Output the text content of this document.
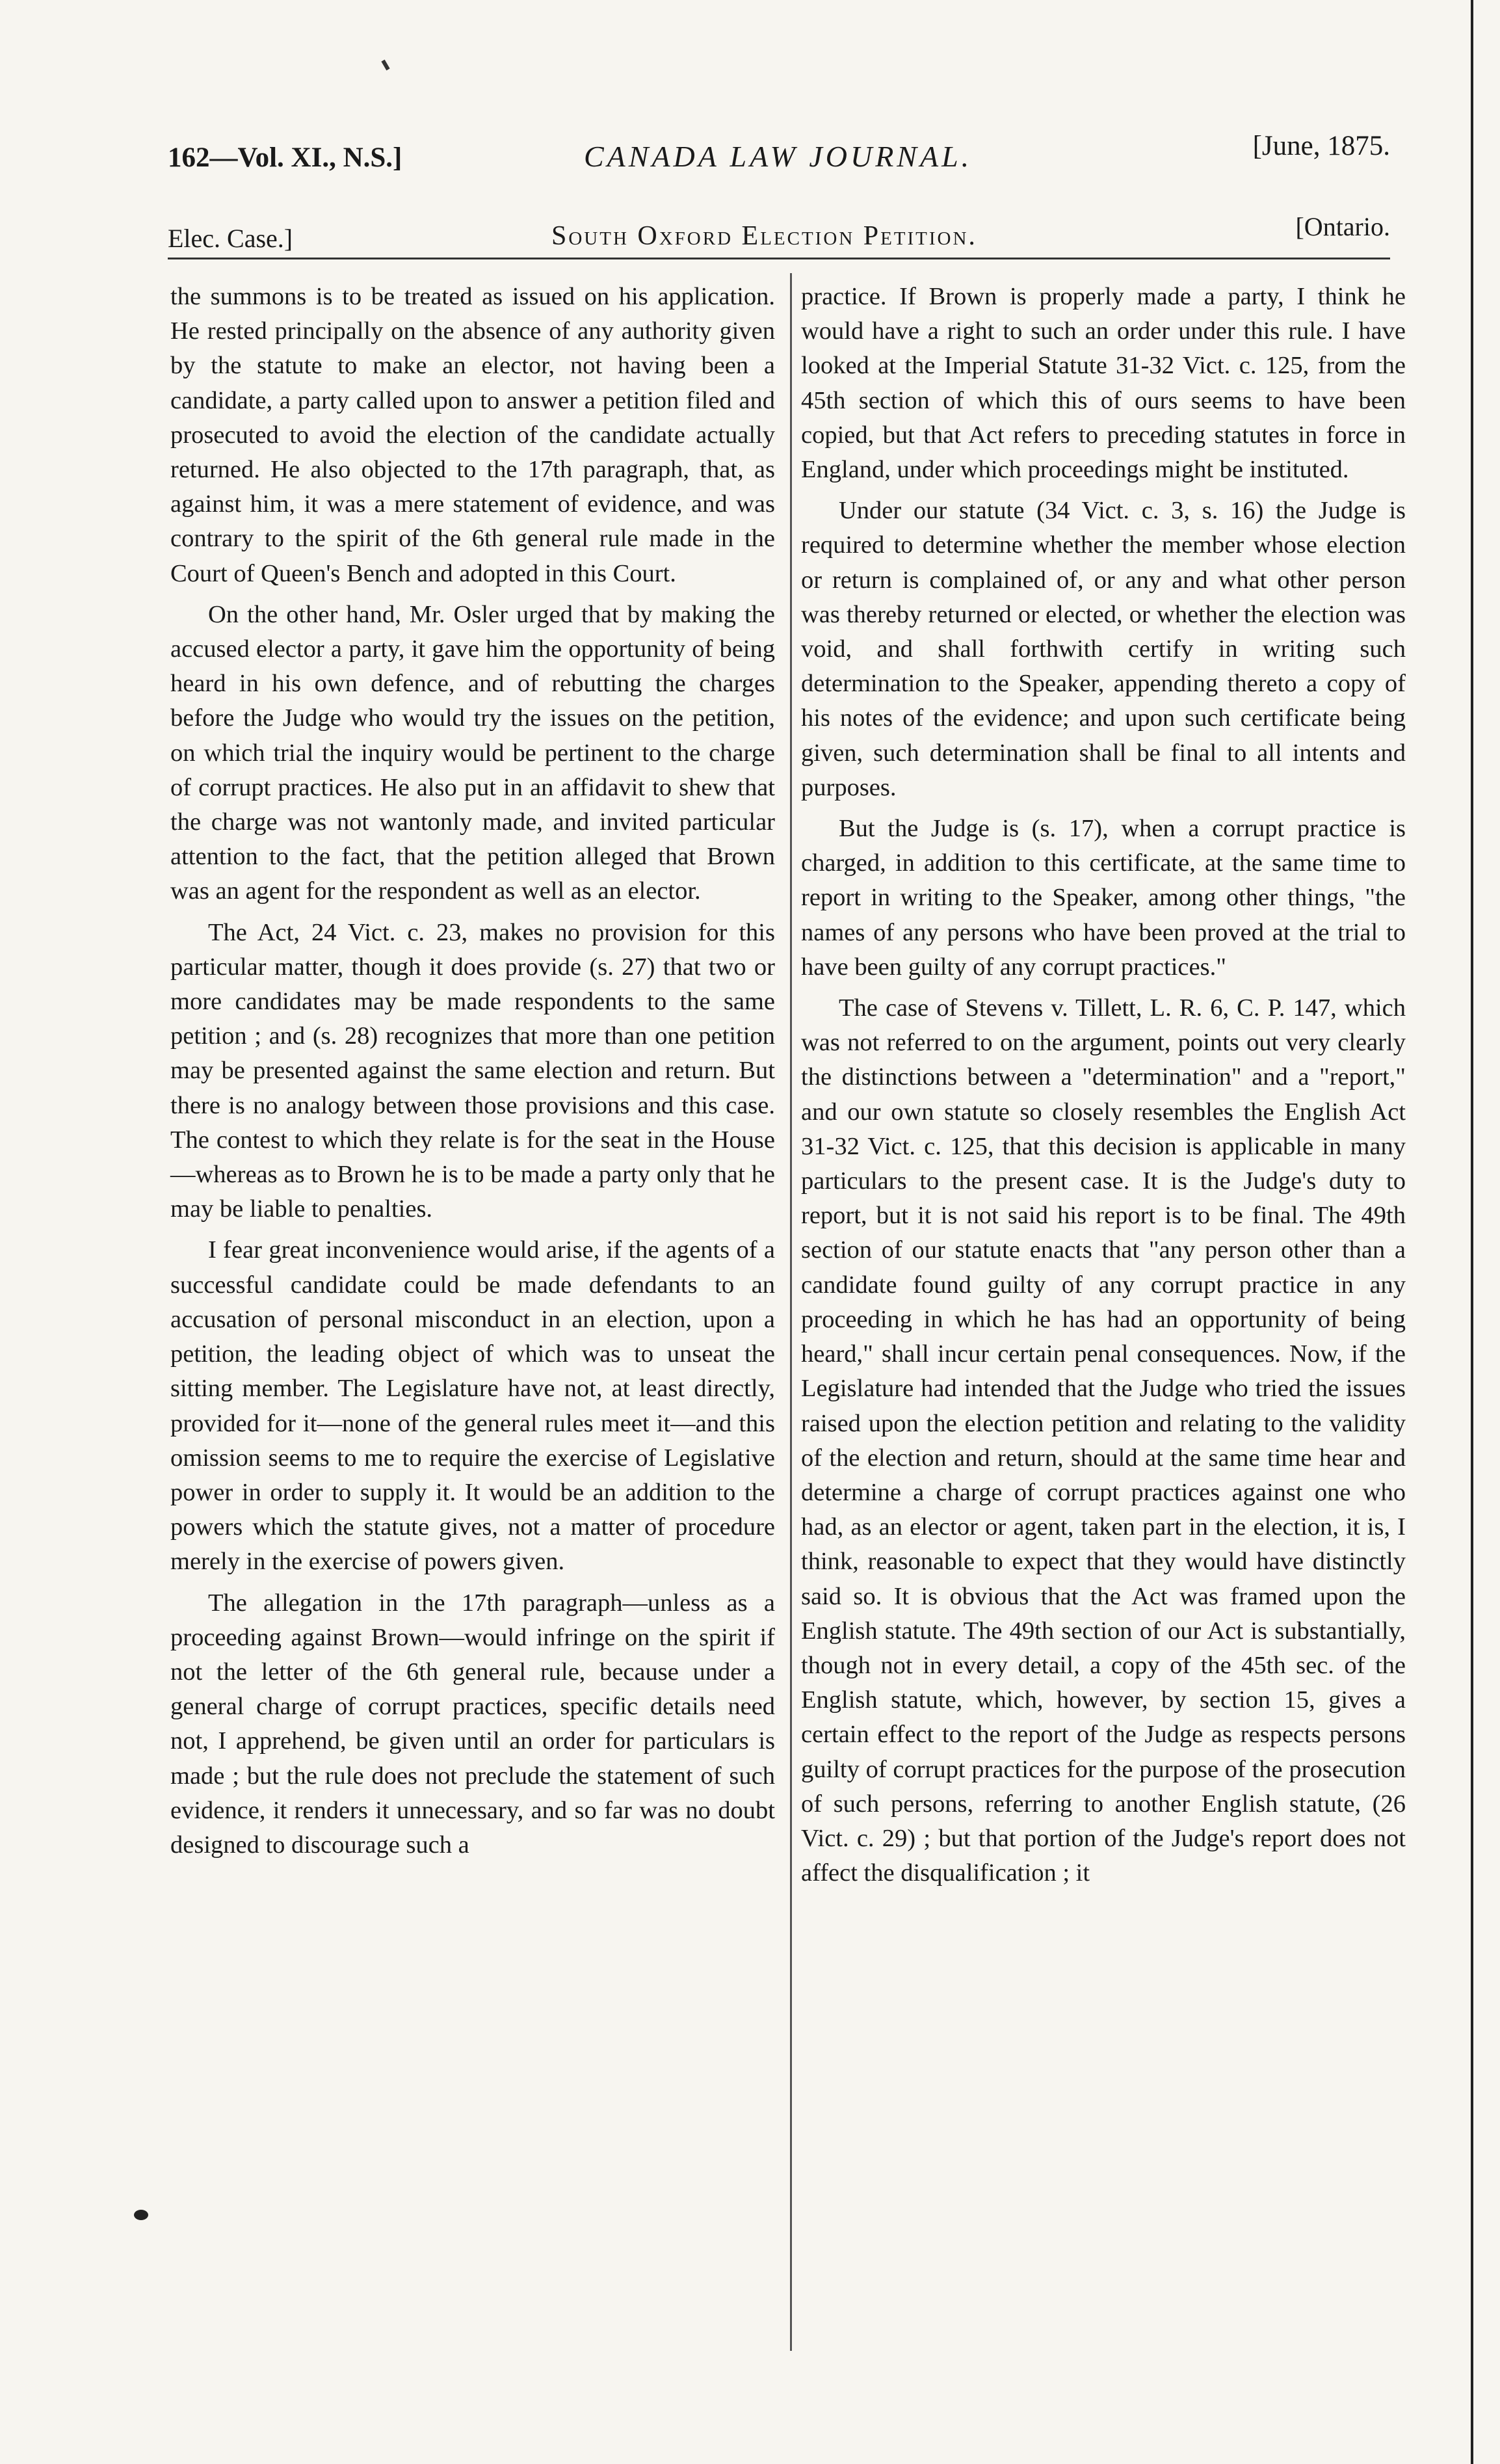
162—Vol. XI., N.S.]	CANADA LAW JOURNAL.	[June, 1875.
Elec. Case.]	South Oxford Election Petition.	[Ontario.

the summons is to be treated as issued on his application. He rested principally on the absence of any authority given by the statute to make an elector, not having been a candidate, a party called upon to answer a petition filed and prosecuted to avoid the election of the candidate actually returned. He also objected to the 17th paragraph, that, as against him, it was a mere statement of evidence, and was contrary to the spirit of the 6th general rule made in the Court of Queen's Bench and adopted in this Court.

On the other hand, Mr. Osler urged that by making the accused elector a party, it gave him the opportunity of being heard in his own defence, and of rebutting the charges before the Judge who would try the issues on the petition, on which trial the inquiry would be pertinent to the charge of corrupt practices. He also put in an affidavit to shew that the charge was not wantonly made, and invited particular attention to the fact, that the petition alleged that Brown was an agent for the respondent as well as an elector.

The Act, 24 Vict. c. 23, makes no provision for this particular matter, though it does provide (s. 27) that two or more candidates may be made respondents to the same petition ; and (s. 28) recognizes that more than one petition may be presented against the same election and return. But there is no analogy between those provisions and this case. The contest to which they relate is for the seat in the House—whereas as to Brown he is to be made a party only that he may be liable to penalties.

I fear great inconvenience would arise, if the agents of a successful candidate could be made defendants to an accusation of personal misconduct in an election, upon a petition, the leading object of which was to unseat the sitting member. The Legislature have not, at least directly, provided for it—none of the general rules meet it—and this omission seems to me to require the exercise of Legislative power in order to supply it. It would be an addition to the powers which the statute gives, not a matter of procedure merely in the exercise of powers given.

The allegation in the 17th paragraph—unless as a proceeding against Brown—would infringe on the spirit if not the letter of the 6th general rule, because under a general charge of corrupt practices, specific details need not, I apprehend, be given until an order for particulars is made ; but the rule does not preclude the statement of such evidence, it renders it unnecessary, and so far was no doubt designed to discourage such a

practice. If Brown is properly made a party, I think he would have a right to such an order under this rule. I have looked at the Imperial Statute 31-32 Vict. c. 125, from the 45th section of which this of ours seems to have been copied, but that Act refers to preceding statutes in force in England, under which proceedings might be instituted.

Under our statute (34 Vict. c. 3, s. 16) the Judge is required to determine whether the member whose election or return is complained of, or any and what other person was thereby returned or elected, or whether the election was void, and shall forthwith certify in writing such determination to the Speaker, appending thereto a copy of his notes of the evidence; and upon such certificate being given, such determination shall be final to all intents and purposes.

But the Judge is (s. 17), when a corrupt practice is charged, in addition to this certificate, at the same time to report in writing to the Speaker, among other things, "the names of any persons who have been proved at the trial to have been guilty of any corrupt practices."

The case of Stevens v. Tillett, L. R. 6, C. P. 147, which was not referred to on the argument, points out very clearly the distinctions between a "determination" and a "report," and our own statute so closely resembles the English Act 31-32 Vict. c. 125, that this decision is applicable in many particulars to the present case. It is the Judge's duty to report, but it is not said his report is to be final. The 49th section of our statute enacts that "any person other than a candidate found guilty of any corrupt practice in any proceeding in which he has had an opportunity of being heard," shall incur certain penal consequences. Now, if the Legislature had intended that the Judge who tried the issues raised upon the election petition and relating to the validity of the election and return, should at the same time hear and determine a charge of corrupt practices against one who had, as an elector or agent, taken part in the election, it is, I think, reasonable to expect that they would have distinctly said so. It is obvious that the Act was framed upon the English statute. The 49th section of our Act is substantially, though not in every detail, a copy of the 45th sec. of the English statute, which, however, by section 15, gives a certain effect to the report of the Judge as respects persons guilty of corrupt practices for the purpose of the prosecution of such persons, referring to another English statute, (26 Vict. c. 29) ; but that portion of the Judge's report does not affect the disqualification ; it
